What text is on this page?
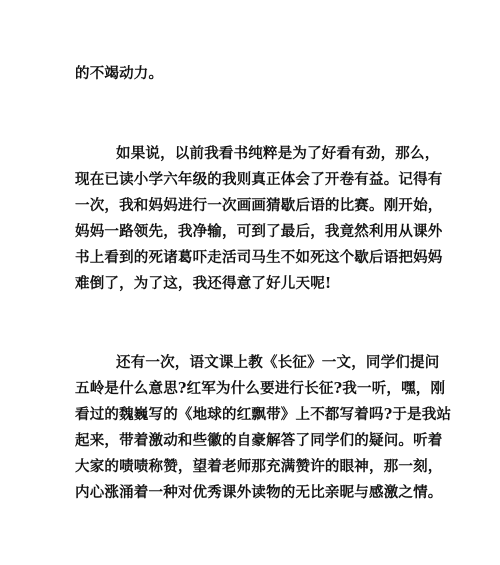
的不竭动力。
如果说，以前我看书纯粹是为了好看有劲，那么，
现在已读小学六年级的我则真正体会了开卷有益。记得有
一次，我和妈妈进行一次画画猜歇后语的比赛。刚开始，
妈妈一路领先，我净输，可到了最后，我竟然利用从课外
书上看到的死诸葛吓走活司马生不如死这个歇后语把妈妈
难倒了，为了这，我还得意了好儿天呢!
还有一次，语文课上教《长征》一文，同学们提问
五岭是什么意思?红军为什么要进行长征?我一听，嘿，刚
看过的魏巍写的《地球的红飘带》上不都写着吗?于是我站
起来，带着激动和些徽的自豪解答了同学们的疑问。听着
大家的啧啧称赞，望着老师那充满赞许的眼神，那一刻，
内心涨涌着一种对优秀课外读物的无比亲昵与感激之情。
